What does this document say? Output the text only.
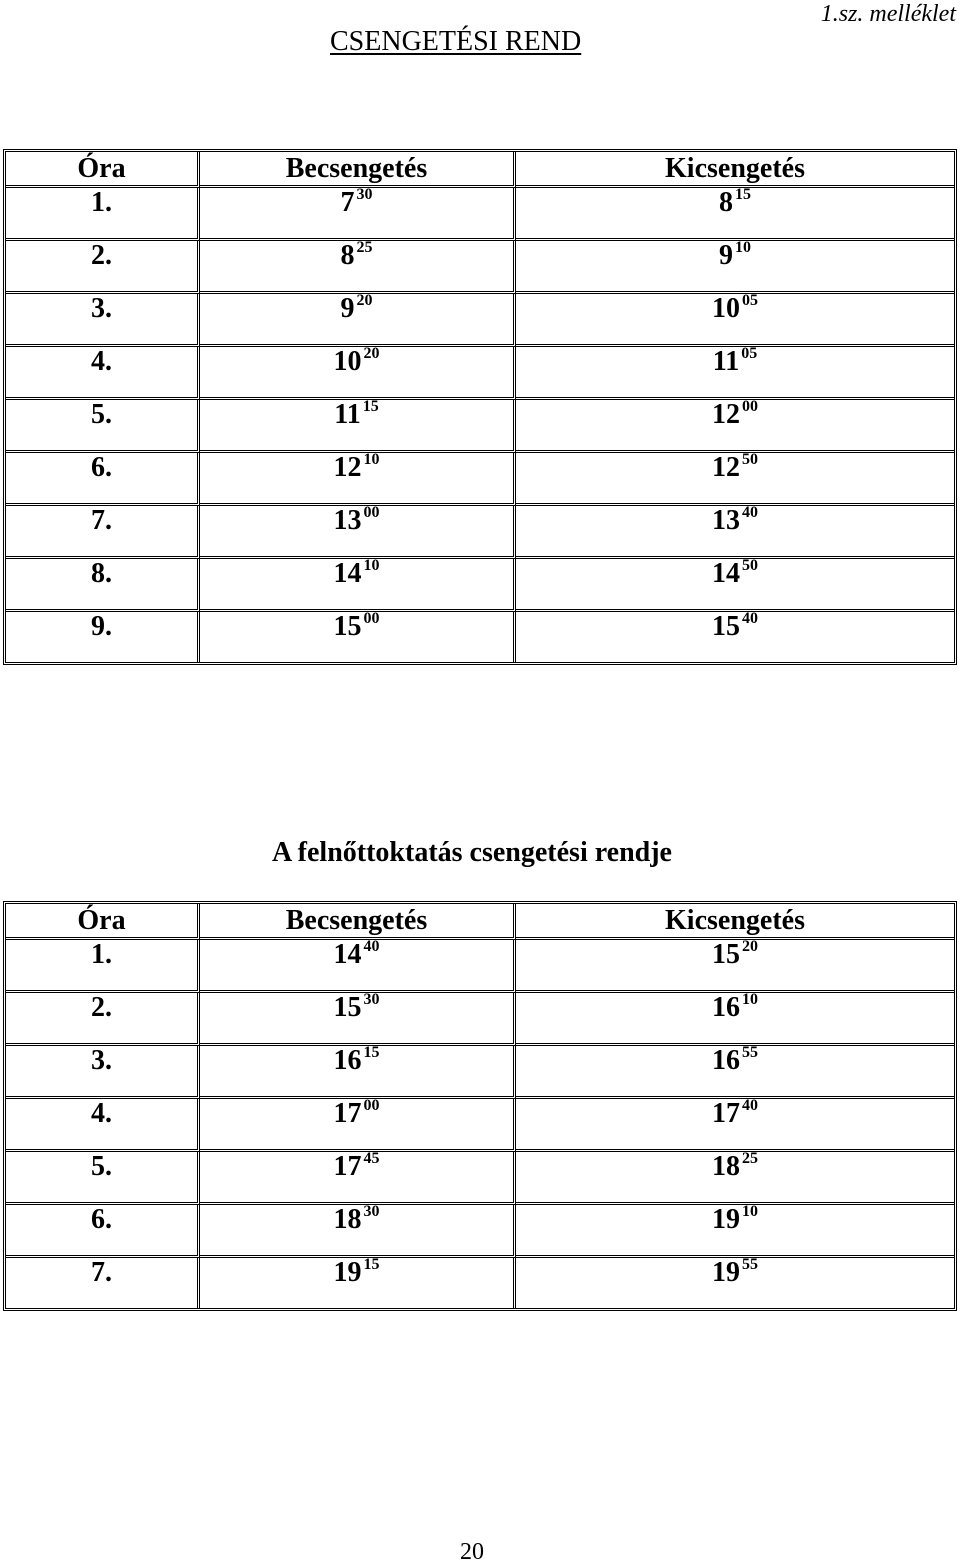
1.sz. melléklet
CSENGETÉSI REND
Óra	Becsengetés	Kicsengetés
1.	7 $^{30}$	8 $^{15}$
2.	8 $^{25}$	9 $^{10}$
3.	9 $^{20}$	10 $^{05}$
4.	10 $^{20}$	11 $^{05}$
5.	11 $^{15}$	12 $^{00}$
6.	12 $^{10}$	12 $^{50}$
7.	13 $^{00}$	13 $^{40}$
8.	14 $^{10}$	14 $^{50}$
9.	15 $^{00}$	15 $^{40}$
A felnőttoktatás csengetési rendje
Óra	Becsengetés	Kicsengetés
1.	14 $^{40}$	15 $^{20}$
2.	15 $^{30}$	16 $^{10}$
3.	16 $^{15}$	16 $^{55}$
4.	17 $^{00}$	17 $^{40}$
5.	17 $^{45}$	18 $^{25}$
6.	18 $^{30}$	19 $^{10}$
7.	19 $^{15}$	19 $^{55}$
20
